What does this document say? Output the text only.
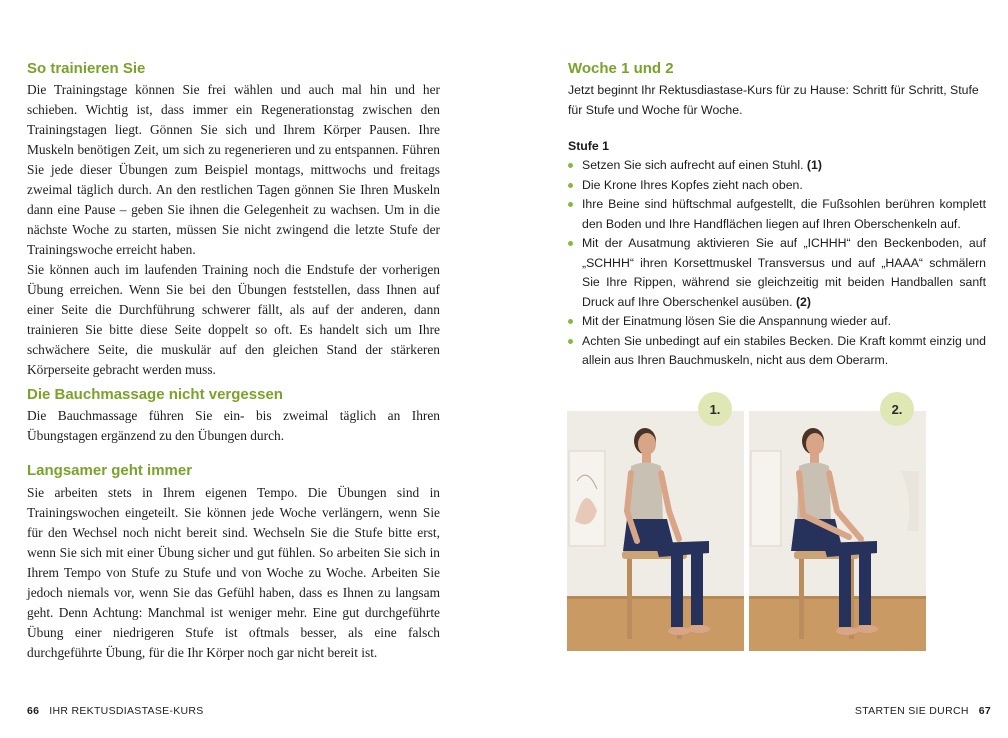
So trainieren Sie

Die Trainingstage können Sie frei wählen und auch mal hin und her schieben. Wichtig ist, dass immer ein Regenerationstag zwischen den Trainingstagen liegt. Gönnen Sie sich und Ihrem Körper Pausen. Ihre Muskeln benötigen Zeit, um sich zu regenerieren und zu entspannen. Führen Sie jede dieser Übungen zum Beispiel montags, mittwochs und freitags zweimal täglich durch. An den restlichen Tagen gönnen Sie Ihren Muskeln dann eine Pause – geben Sie ihnen die Gelegenheit zu wachsen. Um in die nächste Woche zu starten, müssen Sie nicht zwingend die letzte Stufe der Trainingswoche erreicht haben.

Sie können auch im laufenden Training noch die Endstufe der vorherigen Übung erreichen. Wenn Sie bei den Übungen feststellen, dass Ihnen auf einer Seite die Durchführung schwerer fällt, als auf der anderen, dann trainieren Sie bitte diese Seite doppelt so oft. Es handelt sich um Ihre schwächere Seite, die muskulär auf den gleichen Stand der stärkeren Körperseite gebracht werden muss.

Die Bauchmassage nicht vergessen

Die Bauchmassage führen Sie ein- bis zweimal täglich an Ihren Übungstagen ergänzend zu den Übungen durch.

Langsamer geht immer

Sie arbeiten stets in Ihrem eigenen Tempo. Die Übungen sind in Trainingswochen eingeteilt. Sie können jede Woche verlängern, wenn Sie für den Wechsel noch nicht bereit sind. Wechseln Sie die Stufe bitte erst, wenn Sie sich mit einer Übung sicher und gut fühlen. So arbeiten Sie sich in Ihrem Tempo von Stufe zu Stufe und von Woche zu Woche. Arbeiten Sie jedoch niemals vor, wenn Sie das Gefühl haben, dass es Ihnen zu langsam geht. Denn Achtung: Manchmal ist weniger mehr. Eine gut durchgeführte Übung einer niedrigeren Stufe ist oftmals besser, als eine falsch durchgeführte Übung, für die Ihr Körper noch gar nicht bereit ist.

66 IHR REKTUSDIASTASE-KURS
Woche 1 und 2

Jetzt beginnt Ihr Rektusdiastase-Kurs für zu Hause: Schritt für Schritt, Stufe für Stufe und Woche für Woche.

Stufe 1

Setzen Sie sich aufrecht auf einen Stuhl. (1)
Die Krone Ihres Kopfes zieht nach oben.
Ihre Beine sind hüftschmal aufgestellt, die Fußsohlen berühren komplett den Boden und Ihre Handflächen liegen auf Ihren Oberschenkeln auf.
Mit der Ausatmung aktivieren Sie auf „ICHHH“ den Beckenboden, auf „SCHHH“ ihren Korsettmuskel Transversus und auf „HAAA“ schmälern Sie Ihre Rippen, während sie gleichzeitig mit beiden Handballen sanft Druck auf Ihre Oberschenkel ausüben. (2)
Mit der Einatmung lösen Sie die Anspannung wieder auf.
Achten Sie unbedingt auf ein stabiles Becken. Die Kraft kommt einzig und allein aus Ihren Bauchmuskeln, nicht aus dem Oberarm.
1.	2.
STARTEN SIE DURCH 67
